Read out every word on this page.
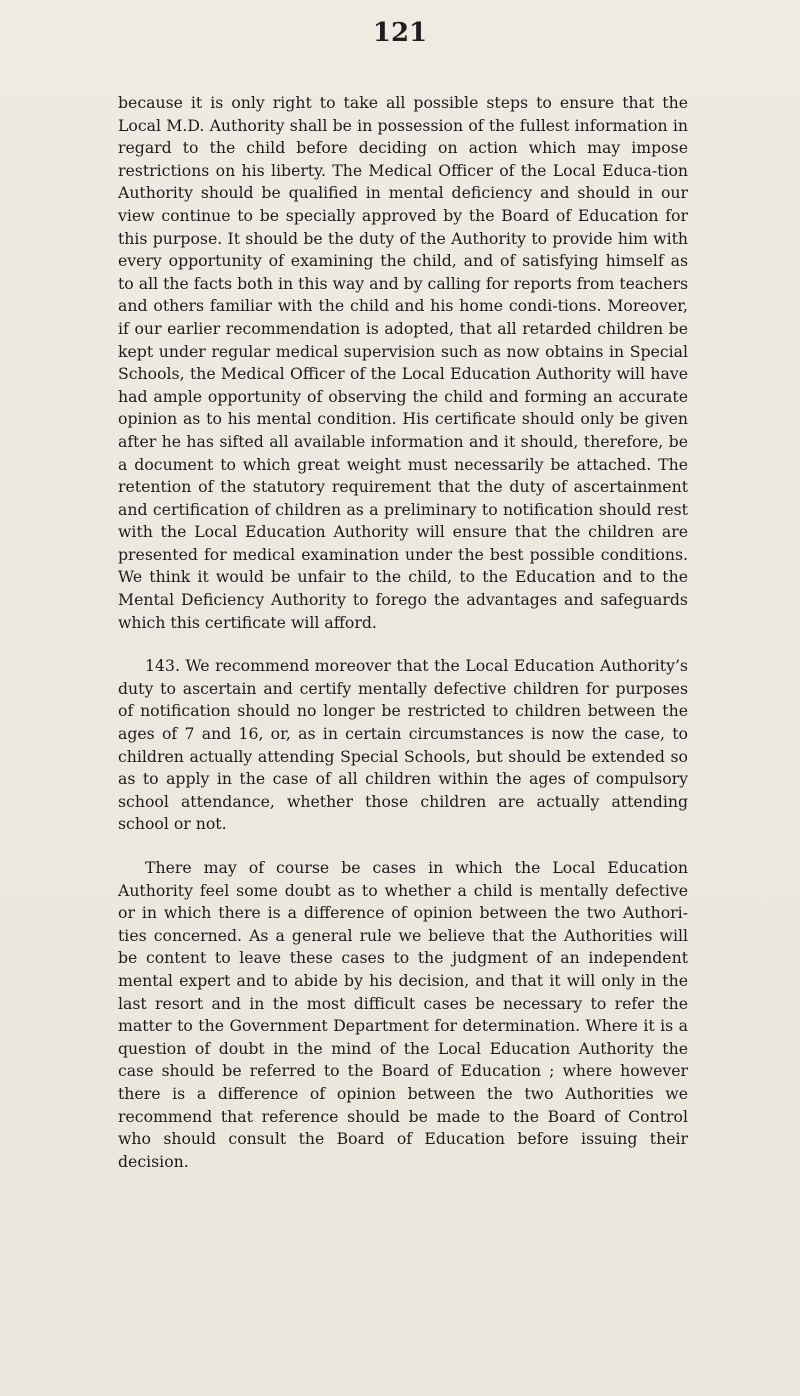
121

because it is only right to take all possible steps to ensure that the Local M.D. Authority shall be in possession of the fullest information in regard to the child before deciding on action which may impose restrictions on his liberty. The Medical Officer of the Local Educa-tion Authority should be qualified in mental deficiency and should in our view continue to be specially approved by the Board of Education for this purpose. It should be the duty of the Authority to provide him with every opportunity of examining the child, and of satisfying himself as to all the facts both in this way and by calling for reports from teachers and others familiar with the child and his home condi-tions. Moreover, if our earlier recommendation is adopted, that all retarded children be kept under regular medical supervision such as now obtains in Special Schools, the Medical Officer of the Local Education Authority will have had ample opportunity of observing the child and forming an accurate opinion as to his mental condition. His certificate should only be given after he has sifted all available information and it should, therefore, be a document to which great weight must necessarily be attached. The retention of the statutory requirement that the duty of ascertainment and certification of children as a preliminary to notification should rest with the Local Education Authority will ensure that the children are presented for medical examination under the best possible conditions. We think it would be unfair to the child, to the Education and to the Mental Deficiency Authority to forego the advantages and safeguards which this certificate will afford.

143. We recommend moreover that the Local Education Authority’s duty to ascertain and certify mentally defective children for purposes of notification should no longer be restricted to children between the ages of 7 and 16, or, as in certain circumstances is now the case, to children actually attending Special Schools, but should be extended so as to apply in the case of all children within the ages of compulsory school attendance, whether those children are actually attending school or not.

There may of course be cases in which the Local Education Authority feel some doubt as to whether a child is mentally defective or in which there is a difference of opinion between the two Authori-ties concerned. As a general rule we believe that the Authorities will be content to leave these cases to the judgment of an independent mental expert and to abide by his decision, and that it will only in the last resort and in the most difficult cases be necessary to refer the matter to the Government Department for determination. Where it is a question of doubt in the mind of the Local Education Authority the case should be referred to the Board of Education ; where however there is a difference of opinion between the two Authorities we recommend that reference should be made to the Board of Control who should consult the Board of Education before issuing their decision.
